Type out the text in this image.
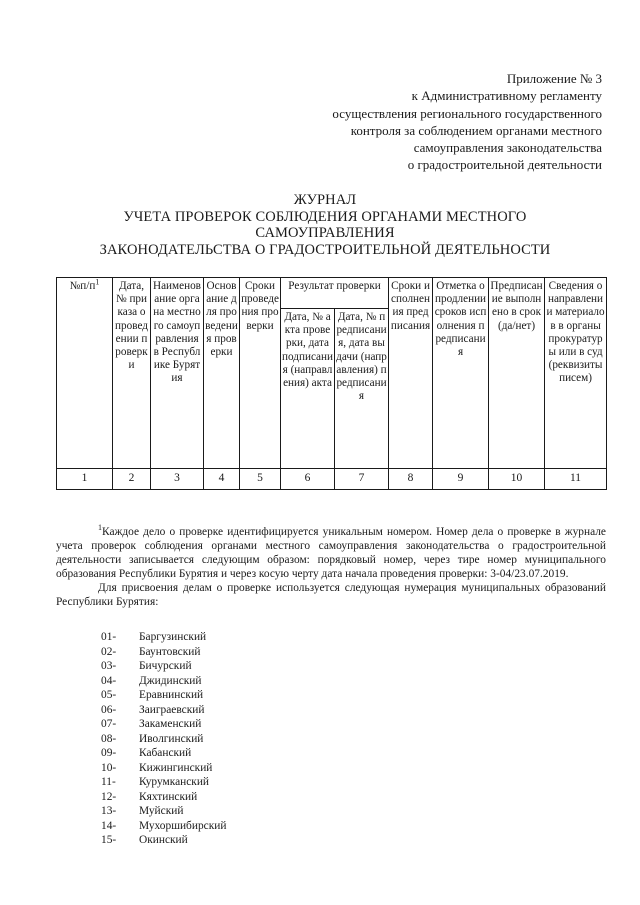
Приложение № 3
к Административному регламенту
осуществления регионального государственного
контроля за соблюдением органами местного
самоуправления законодательства
о градостроительной деятельности
ЖУРНАЛ
УЧЕТА ПРОВЕРОК СОБЛЮДЕНИЯ ОРГАНАМИ МЕСТНОГО
САМОУПРАВЛЕНИЯ
ЗАКОНОДАТЕЛЬСТВА О ГРАДОСТРОИТЕЛЬНОЙ ДЕЯТЕЛЬНОСТИ
$№п/п^1$	Дата, № приказа о проведении проверки	Наименование органа местного самоуправления в Республике Бурятия	Основание для проведения проверки	Сроки проведения проверки	Результат проверки		Сроки исполнения предписания	Отметка о продлении сроков исполнения предписания	Предписание выполнено в срок (да/нет)	Сведения о направлении материалов в органы прокуратуры или в суд (реквизиты писем)
					Дата, № акта проверки, дата подписания (направления) акта	Дата, № предписания, дата выдачи (направления) предписания				
1	2	3	4	5	6	7	8	9	10	11

$^1$Каждое дело о проверке идентифицируется уникальным номером. Номер дела о проверке в журнале учета проверок соблюдения органами местного самоуправления законодательства о градостроительной деятельности записывается следующим образом: порядковый номер, через тире номер муниципального образования Республики Бурятия и через косую черту дата начала проведения проверки: 3-04/23.07.2019.

Для присвоения делам о проверке используется следующая нумерация муниципальных образований Республики Бурятия:

01-	Баргузинский
02-	Баунтовский
03-	Бичурский
04-	Джидинский
05-	Еравнинский
06-	Заиграевский
07-	Закаменский
08-	Иволгинский
09-	Кабанский
10-	Кижингинский
11-	Курумканский
12-	Кяхтинский
13-	Муйский
14-	Мухоршибирский
15-	Окинский
